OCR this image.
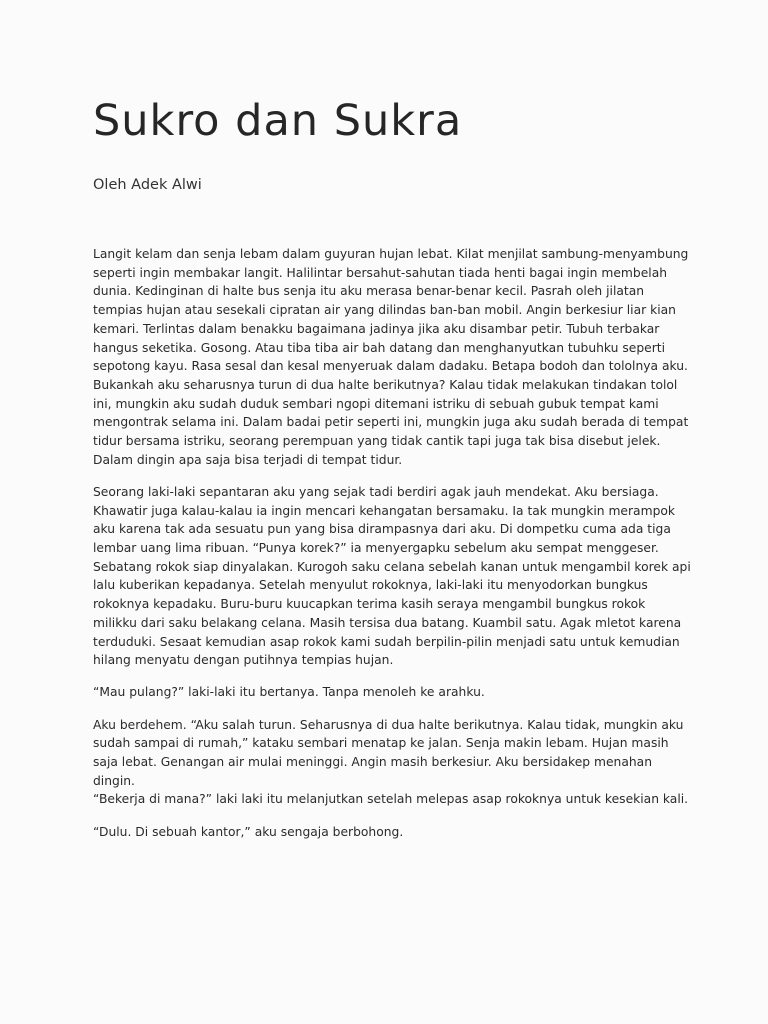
Sukro dan Sukra
Oleh Adek Alwi

Langit kelam dan senja lebam dalam guyuran hujan lebat. Kilat menjilat sambung-menyambung seperti ingin membakar langit. Halilintar bersahut-sahutan tiada henti bagai ingin membelah dunia. Kedinginan di halte bus senja itu aku merasa benar-benar kecil. Pasrah oleh jilatan tempias hujan atau sesekali cipratan air yang dilindas ban-ban mobil. Angin berkesiur liar kian kemari. Terlintas dalam benakku bagaimana jadinya jika aku disambar petir. Tubuh terbakar hangus seketika. Gosong. Atau tiba tiba air bah datang dan menghanyutkan tubuhku seperti sepotong kayu. Rasa sesal dan kesal menyeruak dalam dadaku. Betapa bodoh dan tololnya aku. Bukankah aku seharusnya turun di dua halte berikutnya? Kalau tidak melakukan tindakan tolol ini, mungkin aku sudah duduk sembari ngopi ditemani istriku di sebuah gubuk tempat kami mengontrak selama ini. Dalam badai petir seperti ini, mungkin juga aku sudah berada di tempat tidur bersama istriku, seorang perempuan yang tidak cantik tapi juga tak bisa disebut jelek. Dalam dingin apa saja bisa terjadi di tempat tidur.

Seorang laki-laki sepantaran aku yang sejak tadi berdiri agak jauh mendekat. Aku bersiaga. Khawatir juga kalau-kalau ia ingin mencari kehangatan bersamaku. Ia tak mungkin merampok aku karena tak ada sesuatu pun yang bisa dirampasnya dari aku. Di dompetku cuma ada tiga lembar uang lima ribuan. “Punya korek?” ia menyergapku sebelum aku sempat menggeser. Sebatang rokok siap dinyalakan. Kurogoh saku celana sebelah kanan untuk mengambil korek api lalu kuberikan kepadanya. Setelah menyulut rokoknya, laki-laki itu menyodorkan bungkus rokoknya kepadaku. Buru-buru kuucapkan terima kasih seraya mengambil bungkus rokok milikku dari saku belakang celana. Masih tersisa dua batang. Kuambil satu. Agak mletot karena terduduki. Sesaat kemudian asap rokok kami sudah berpilin-pilin menjadi satu untuk kemudian hilang menyatu dengan putihnya tempias hujan.

“Mau pulang?” laki-laki itu bertanya. Tanpa menoleh ke arahku.

Aku berdehem. “Aku salah turun. Seharusnya di dua halte berikutnya. Kalau tidak, mungkin aku sudah sampai di rumah,” kataku sembari menatap ke jalan. Senja makin lebam. Hujan masih saja lebat. Genangan air mulai meninggi. Angin masih berkesiur. Aku bersidakep menahan dingin.
“Bekerja di mana?” laki laki itu melanjutkan setelah melepas asap rokoknya untuk kesekian kali.

“Dulu. Di sebuah kantor,” aku sengaja berbohong.
